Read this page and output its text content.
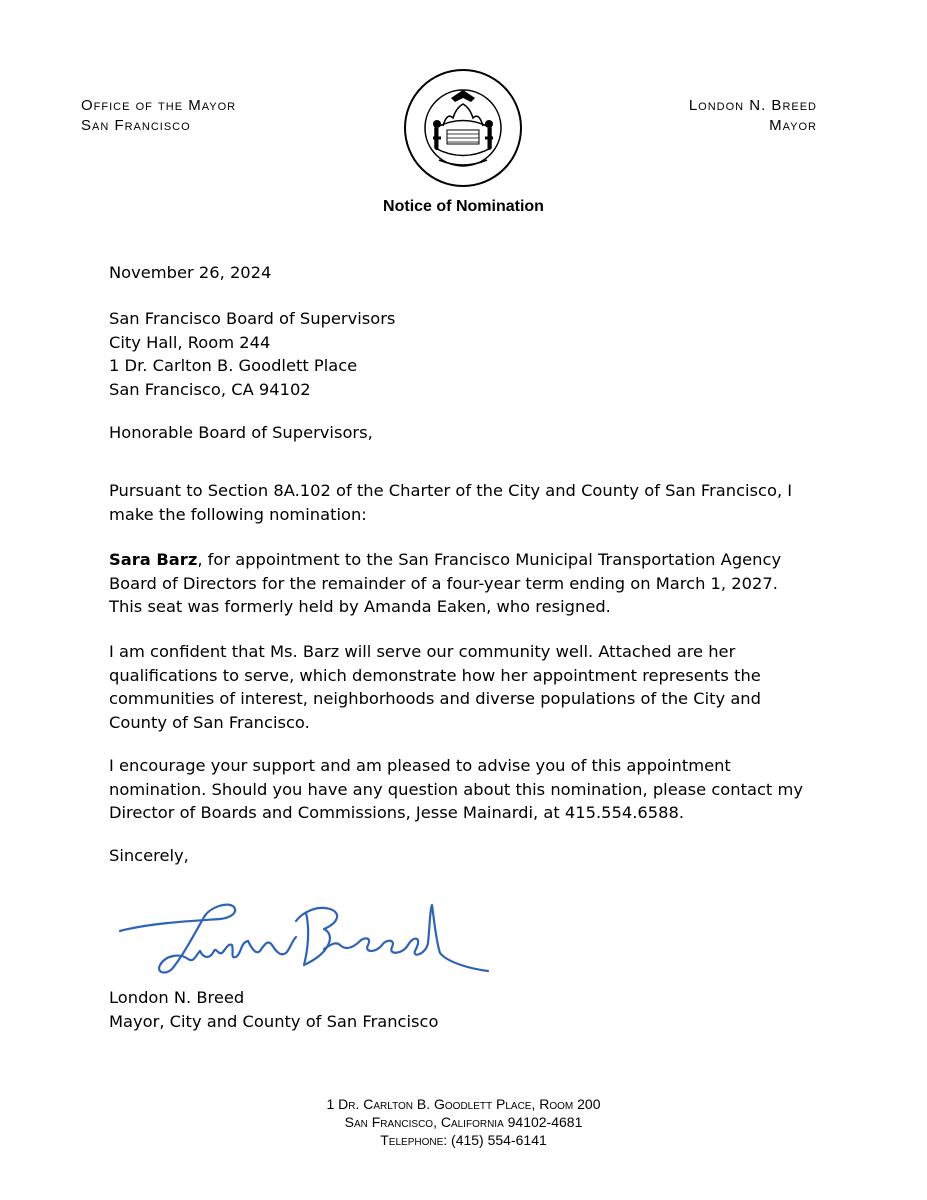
Office of the Mayor
San Francisco
London N. Breed
Mayor
Notice of Nomination
November 26, 2024
San Francisco Board of Supervisors
City Hall, Room 244
1 Dr. Carlton B. Goodlett Place
San Francisco, CA 94102
Honorable Board of Supervisors,

Pursuant to Section 8A.102 of the Charter of the City and County of San Francisco, I make the following nomination:

Sara Barz, for appointment to the San Francisco Municipal Transportation Agency Board of Directors for the remainder of a four-year term ending on March 1, 2027. This seat was formerly held by Amanda Eaken, who resigned.

I am confident that Ms. Barz will serve our community well. Attached are her qualifications to serve, which demonstrate how her appointment represents the communities of interest, neighborhoods and diverse populations of the City and County of San Francisco.

I encourage your support and am pleased to advise you of this appointment nomination. Should you have any question about this nomination, please contact my Director of Boards and Commissions, Jesse Mainardi, at 415.554.6588.

Sincerely,
London N. Breed
Mayor, City and County of San Francisco
1 Dr. Carlton B. Goodlett Place, Room 200
San Francisco, California 94102-4681
Telephone: (415) 554-6141
